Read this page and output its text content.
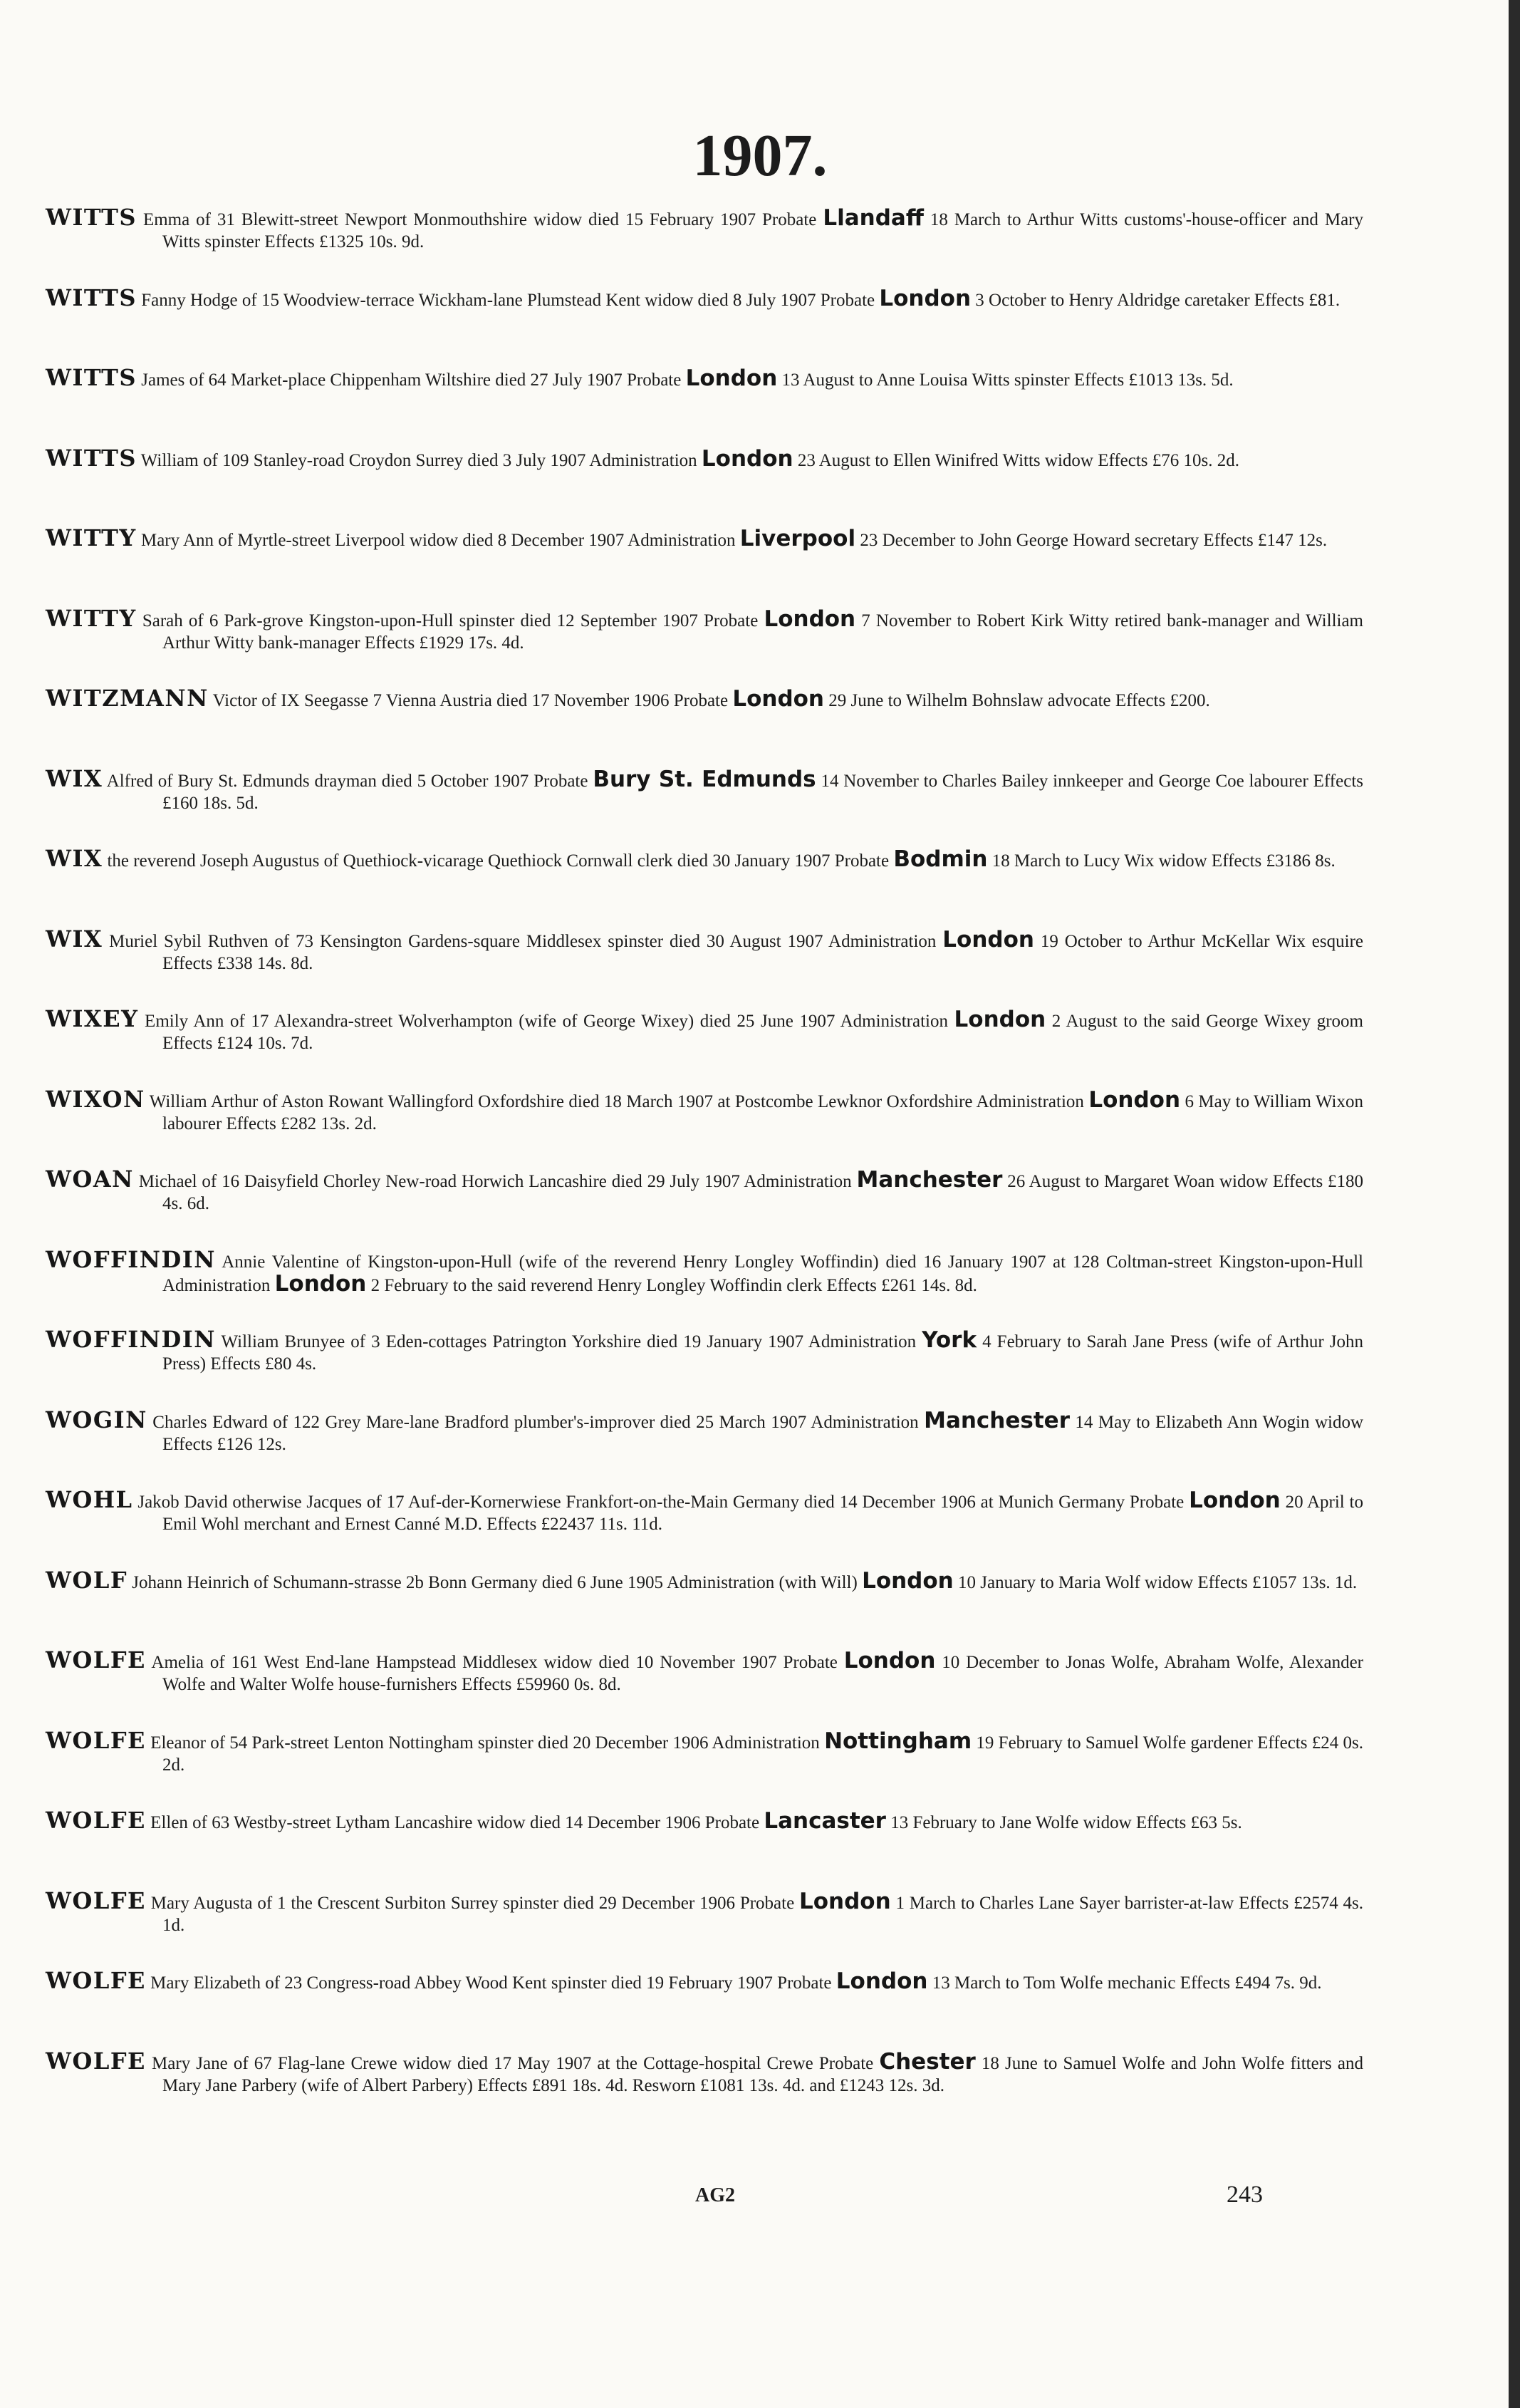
1907.

WITTS Emma of 31 Blewitt-street Newport Monmouthshire widow died 15 February 1907 Probate Llandaff 18 March to Arthur Witts customs'-house-officer and Mary Witts spinster Effects £1325 10s. 9d.

WITTS Fanny Hodge of 15 Woodview-terrace Wickham-lane Plumstead Kent widow died 8 July 1907 Probate London 3 October to Henry Aldridge caretaker Effects £81.

WITTS James of 64 Market-place Chippenham Wiltshire died 27 July 1907 Probate London 13 August to Anne Louisa Witts spinster Effects £1013 13s. 5d.

WITTS William of 109 Stanley-road Croydon Surrey died 3 July 1907 Administration London 23 August to Ellen Winifred Witts widow Effects £76 10s. 2d.

WITTY Mary Ann of Myrtle-street Liverpool widow died 8 December 1907 Administration Liverpool 23 December to John George Howard secretary Effects £147 12s.

WITTY Sarah of 6 Park-grove Kingston-upon-Hull spinster died 12 September 1907 Probate London 7 November to Robert Kirk Witty retired bank-manager and William Arthur Witty bank-manager Effects £1929 17s. 4d.

WITZMANN Victor of IX Seegasse 7 Vienna Austria died 17 November 1906 Probate London 29 June to Wilhelm Bohnslaw advocate Effects £200.

WIX Alfred of Bury St. Edmunds drayman died 5 October 1907 Probate Bury St. Edmunds 14 November to Charles Bailey innkeeper and George Coe labourer Effects £160 18s. 5d.

WIX the reverend Joseph Augustus of Quethiock-vicarage Quethiock Cornwall clerk died 30 January 1907 Probate Bodmin 18 March to Lucy Wix widow Effects £3186 8s.

WIX Muriel Sybil Ruthven of 73 Kensington Gardens-square Middlesex spinster died 30 August 1907 Administration London 19 October to Arthur McKellar Wix esquire Effects £338 14s. 8d.

WIXEY Emily Ann of 17 Alexandra-street Wolverhampton (wife of George Wixey) died 25 June 1907 Administration London 2 August to the said George Wixey groom Effects £124 10s. 7d.

WIXON William Arthur of Aston Rowant Wallingford Oxfordshire died 18 March 1907 at Postcombe Lewknor Oxfordshire Administration London 6 May to William Wixon labourer Effects £282 13s. 2d.

WOAN Michael of 16 Daisyfield Chorley New-road Horwich Lancashire died 29 July 1907 Administration Manchester 26 August to Margaret Woan widow Effects £180 4s. 6d.

WOFFINDIN Annie Valentine of Kingston-upon-Hull (wife of the reverend Henry Longley Woffindin) died 16 January 1907 at 128 Coltman-street Kingston-upon-Hull Administration London 2 February to the said reverend Henry Longley Woffindin clerk Effects £261 14s. 8d.

WOFFINDIN William Brunyee of 3 Eden-cottages Patrington Yorkshire died 19 January 1907 Administration York 4 February to Sarah Jane Press (wife of Arthur John Press) Effects £80 4s.

WOGIN Charles Edward of 122 Grey Mare-lane Bradford plumber's-improver died 25 March 1907 Administration Manchester 14 May to Elizabeth Ann Wogin widow Effects £126 12s.

WOHL Jakob David otherwise Jacques of 17 Auf-der-Kornerwiese Frankfort-on-the-Main Germany died 14 December 1906 at Munich Germany Probate London 20 April to Emil Wohl merchant and Ernest Canné M.D. Effects £22437 11s. 11d.

WOLF Johann Heinrich of Schumann-strasse 2b Bonn Germany died 6 June 1905 Administration (with Will) London 10 January to Maria Wolf widow Effects £1057 13s. 1d.

WOLFE Amelia of 161 West End-lane Hampstead Middlesex widow died 10 November 1907 Probate London 10 December to Jonas Wolfe, Abraham Wolfe, Alexander Wolfe and Walter Wolfe house-furnishers Effects £59960 0s. 8d.

WOLFE Eleanor of 54 Park-street Lenton Nottingham spinster died 20 December 1906 Administration Nottingham 19 February to Samuel Wolfe gardener Effects £24 0s. 2d.

WOLFE Ellen of 63 Westby-street Lytham Lancashire widow died 14 December 1906 Probate Lancaster 13 February to Jane Wolfe widow Effects £63 5s.

WOLFE Mary Augusta of 1 the Crescent Surbiton Surrey spinster died 29 December 1906 Probate London 1 March to Charles Lane Sayer barrister-at-law Effects £2574 4s. 1d.

WOLFE Mary Elizabeth of 23 Congress-road Abbey Wood Kent spinster died 19 February 1907 Probate London 13 March to Tom Wolfe mechanic Effects £494 7s. 9d.

WOLFE Mary Jane of 67 Flag-lane Crewe widow died 17 May 1907 at the Cottage-hospital Crewe Probate Chester 18 June to Samuel Wolfe and John Wolfe fitters and Mary Jane Parbery (wife of Albert Parbery) Effects £891 18s. 4d. Resworn £1081 13s. 4d. and £1243 12s. 3d.

AG2	243
